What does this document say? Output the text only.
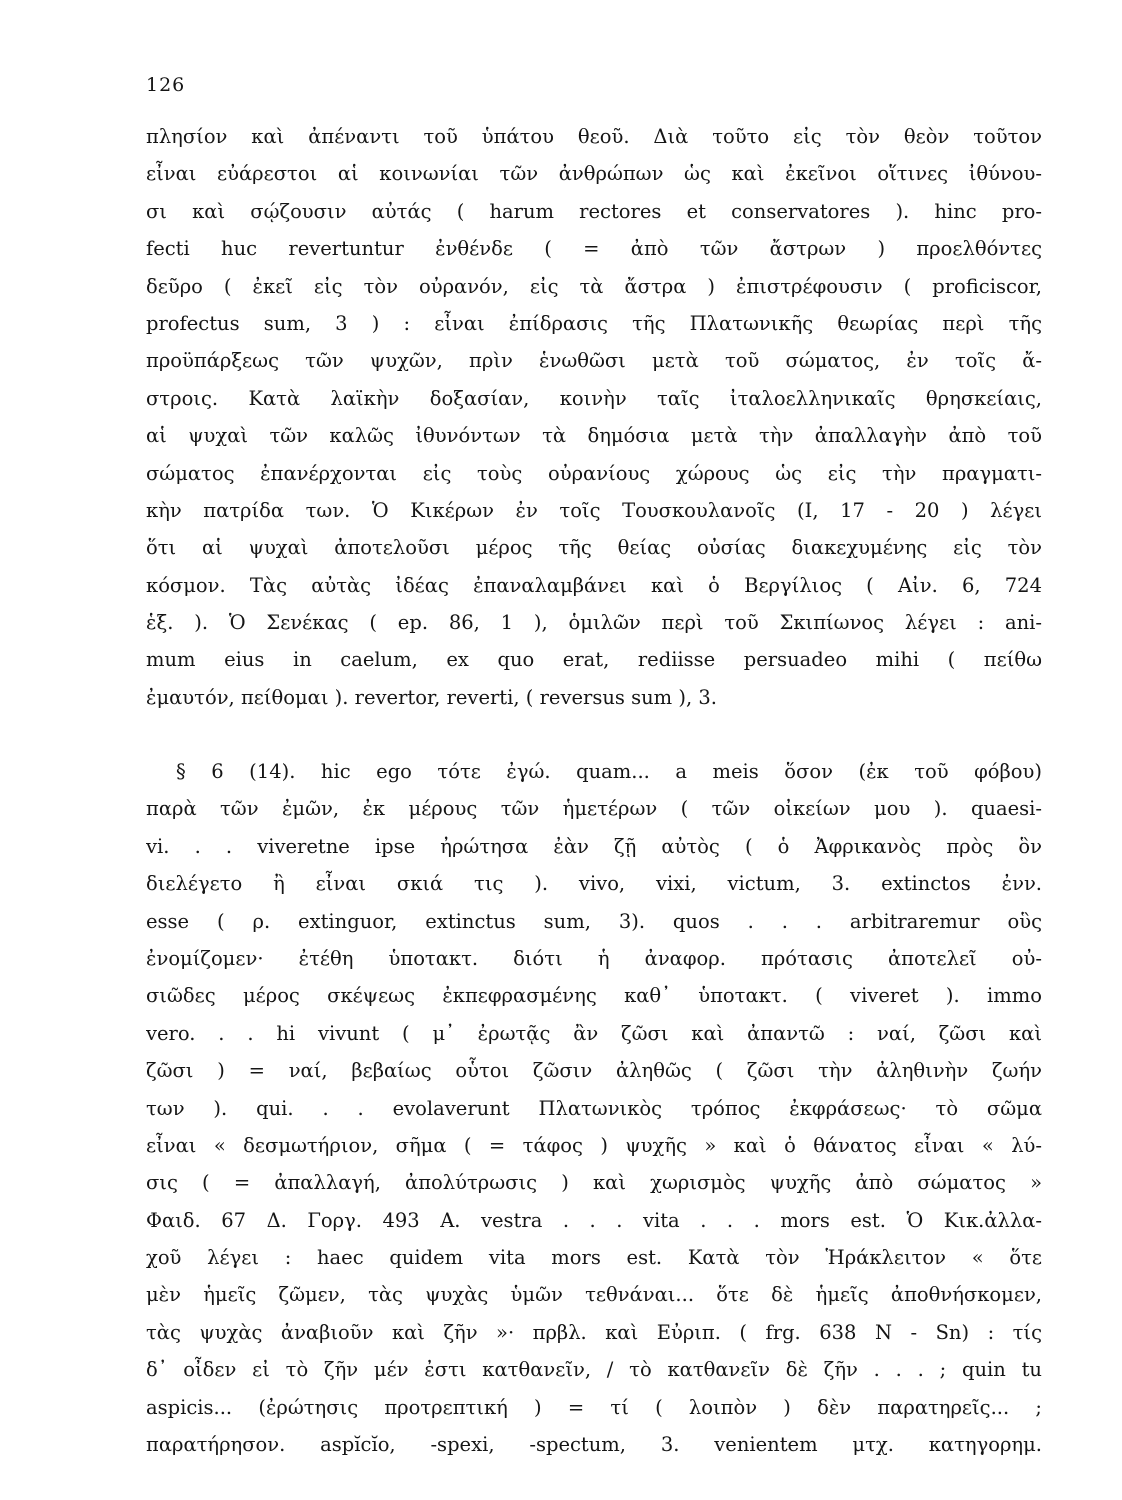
126
πλησίον καὶ ἀπέναντι τοῦ ὑπάτου θεοῦ. Διὰ τοῦτο εἰς τὸν θεὸν τοῦτον
εἶναι εὐάρεστοι αἱ κοινωνίαι τῶν ἀνθρώπων ὡς καὶ ἐκεῖνοι οἵτινες ἰθύνου-
σι καὶ σῴζουσιν αὐτάς ( harum rectores et conservatores ). hinc pro-
fecti huc revertuntur ἐνθένδε ( = ἀπὸ τῶν ἄστρων ) προελθόντες
δεῦρο ( ἐκεῖ εἰς τὸν οὐρανόν, εἰς τὰ ἄστρα ) ἐπιστρέφουσιν ( proficiscor,
profectus sum, 3 ) : εἶναι ἐπίδρασις τῆς Πλατωνικῆς θεωρίας περὶ τῆς
προϋπάρξεως τῶν ψυχῶν, πρὶν ἑνωθῶσι μετὰ τοῦ σώματος, ἐν τοῖς ἄ-
στροις. Κατὰ λαϊκὴν δοξασίαν, κοινὴν ταῖς ἰταλοελληνικαῖς θρησκείαις,
αἱ ψυχαὶ τῶν καλῶς ἰθυνόντων τὰ δημόσια μετὰ τὴν ἀπαλλαγὴν ἀπὸ τοῦ
σώματος ἐπανέρχονται εἰς τοὺς οὐρανίους χώρους ὡς εἰς τὴν πραγματι-
κὴν πατρίδα των. Ὁ Κικέρων ἐν τοῖς Τουσκουλανοῖς (Ι, 17 - 20 ) λέγει
ὅτι αἱ ψυχαὶ ἀποτελοῦσι μέρος τῆς θείας οὐσίας διακεχυμένης εἰς τὸν
κόσμον. Τὰς αὐτὰς ἰδέας ἐπαναλαμβάνει καὶ ὁ Βεργίλιος ( Αἰν. 6, 724
ἑξ. ). Ὁ Σενέκας ( ep. 86, 1 ), ὁμιλῶν περὶ τοῦ Σκιπίωνος λέγει : ani-
mum eius in caelum, ex quo erat, rediisse persuadeo mihi ( πείθω
ἐμαυτόν, πείθομαι ). revertor, reverti, ( reversus sum ), 3.
§ 6 (14). hic ego τότε ἐγώ. quam... a meis ὅσον (ἐκ τοῦ φόβου)
παρὰ τῶν ἐμῶν, ἐκ μέρους τῶν ἡμετέρων ( τῶν οἰκείων μου ). quaesi-
vi. . . viveretne ipse ἠρώτησα ἐὰν ζῇ αὐτὸς ( ὁ Ἀφρικανὸς πρὸς ὃν
διελέγετο ἢ εἶναι σκιά τις ). vivo, vixi, victum, 3. extinctos ἐνν.
esse ( ρ. extinguor, extinctus sum, 3). quos . . . arbitraremur οὓς
ἐνομίζομεν· ἐτέθη ὑποτακτ. διότι ἡ ἀναφορ. πρότασις ἀποτελεῖ οὐ-
σιῶδες μέρος σκέψεως ἐκπεφρασμένης καθ᾽ ὑποτακτ. ( viveret ). immo
vero. . . hi vivunt ( μ᾽ ἐρωτᾷς ἂν ζῶσι καὶ ἀπαντῶ : ναί, ζῶσι καὶ
ζῶσι ) = ναί, βεβαίως οὗτοι ζῶσιν ἀληθῶς ( ζῶσι τὴν ἀληθινὴν ζωήν
των ). qui. . . evolaverunt Πλατωνικὸς τρόπος ἐκφράσεως· τὸ σῶμα
εἶναι « δεσμωτήριον, σῆμα ( = τάφος ) ψυχῆς » καὶ ὁ θάνατος εἶναι « λύ-
σις ( = ἀπαλλαγή, ἀπολύτρωσις ) καὶ χωρισμὸς ψυχῆς ἀπὸ σώματος »
Φαιδ. 67 Δ. Γοργ. 493 Α. vestra . . . vita . . . mors est. Ὁ Κικ.ἀλλα-
χοῦ λέγει : haec quidem vita mors est. Κατὰ τὸν Ἡράκλειτον « ὅτε
μὲν ἡμεῖς ζῶμεν, τὰς ψυχὰς ὑμῶν τεθνάναι... ὅτε δὲ ἡμεῖς ἀποθνήσκομεν,
τὰς ψυχὰς ἀναβιοῦν καὶ ζῆν »· πρβλ. καὶ Εὐριπ. ( frg. 638 N - Sn) : τίς
δ᾽ οἶδεν εἰ τὸ ζῆν μέν ἐστι κατθανεῖν, / τὸ κατθανεῖν δὲ ζῆν . . . ; quin tu
aspicis... (ἐρώτησις προτρεπτική ) = τί ( λοιπὸν ) δὲν παρατηρεῖς... ;
παρατήρησον. aspĭcĭo, -spexi, -spectum, 3. venientem μτχ. κατηγορημ.
